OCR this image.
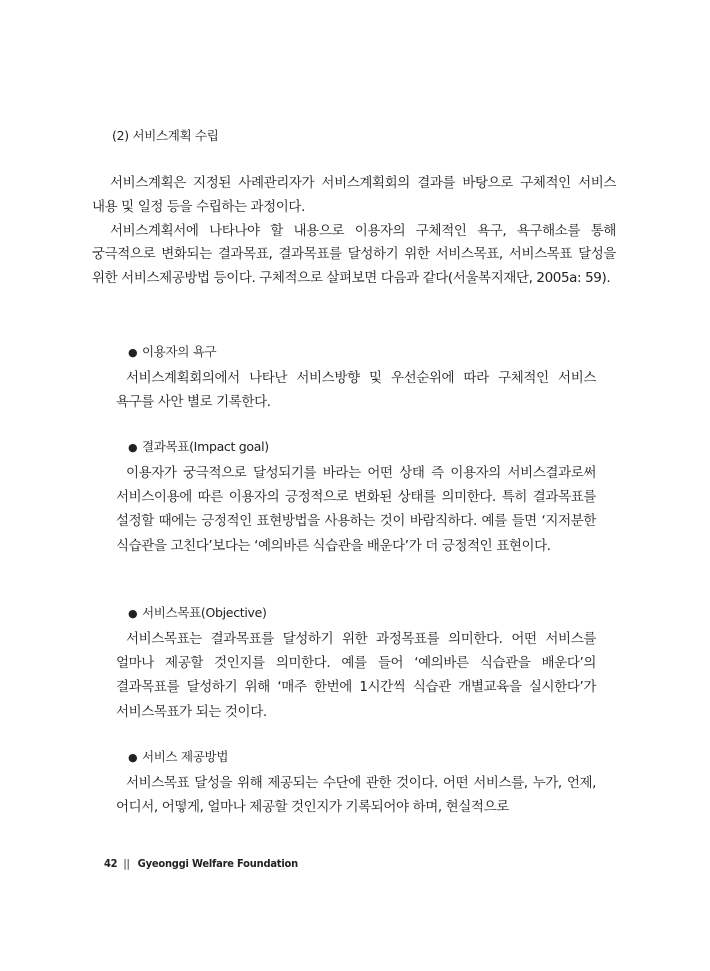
(2) 서비스계획 수립

서비스계획은 지정된 사례관리자가 서비스계획회의 결과를 바탕으로 구체적인 서비스 내용 및 일정 등을 수립하는 과정이다.

서비스계획서에 나타나야 할 내용으로 이용자의 구체적인 욕구, 욕구해소를 통해 궁극적으로 변화되는 결과목표, 결과목표를 달성하기 위한 서비스목표, 서비스목표 달성을 위한 서비스제공방법 등이다. 구체적으로 살펴보면 다음과 같다(서울복지재단, 2005a: 59).

● 이용자의 욕구
서비스계획회의에서 나타난 서비스방향 및 우선순위에 따라 구체적인 서비스 욕구를 사안 별로 기록한다.
● 결과목표(Impact goal)
이용자가 궁극적으로 달성되기를 바라는 어떤 상태 즉 이용자의 서비스결과로써 서비스이용에 따른 이용자의 긍정적으로 변화된 상태를 의미한다. 특히 결과목표를 설정할 때에는 긍정적인 표현방법을 사용하는 것이 바람직하다. 예를 들면 ‘지저분한 식습관을 고친다’보다는 ‘예의바른 식습관을 배운다’가 더 긍정적인 표현이다.
● 서비스목표(Objective)
서비스목표는 결과목표를 달성하기 위한 과정목표를 의미한다. 어떤 서비스를 얼마나 제공할 것인지를 의미한다. 예를 들어 ‘예의바른 식습관을 배운다’의 결과목표를 달성하기 위해 ‘매주 한번에 1시간씩 식습관 개별교육을 실시한다’가 서비스목표가 되는 것이다.
● 서비스 제공방법
서비스목표 달성을 위해 제공되는 수단에 관한 것이다. 어떤 서비스를, 누가, 언제, 어디서, 어떻게, 얼마나 제공할 것인지가 기록되어야 하며, 현실적으로
42 || Gyeonggi Welfare Foundation
